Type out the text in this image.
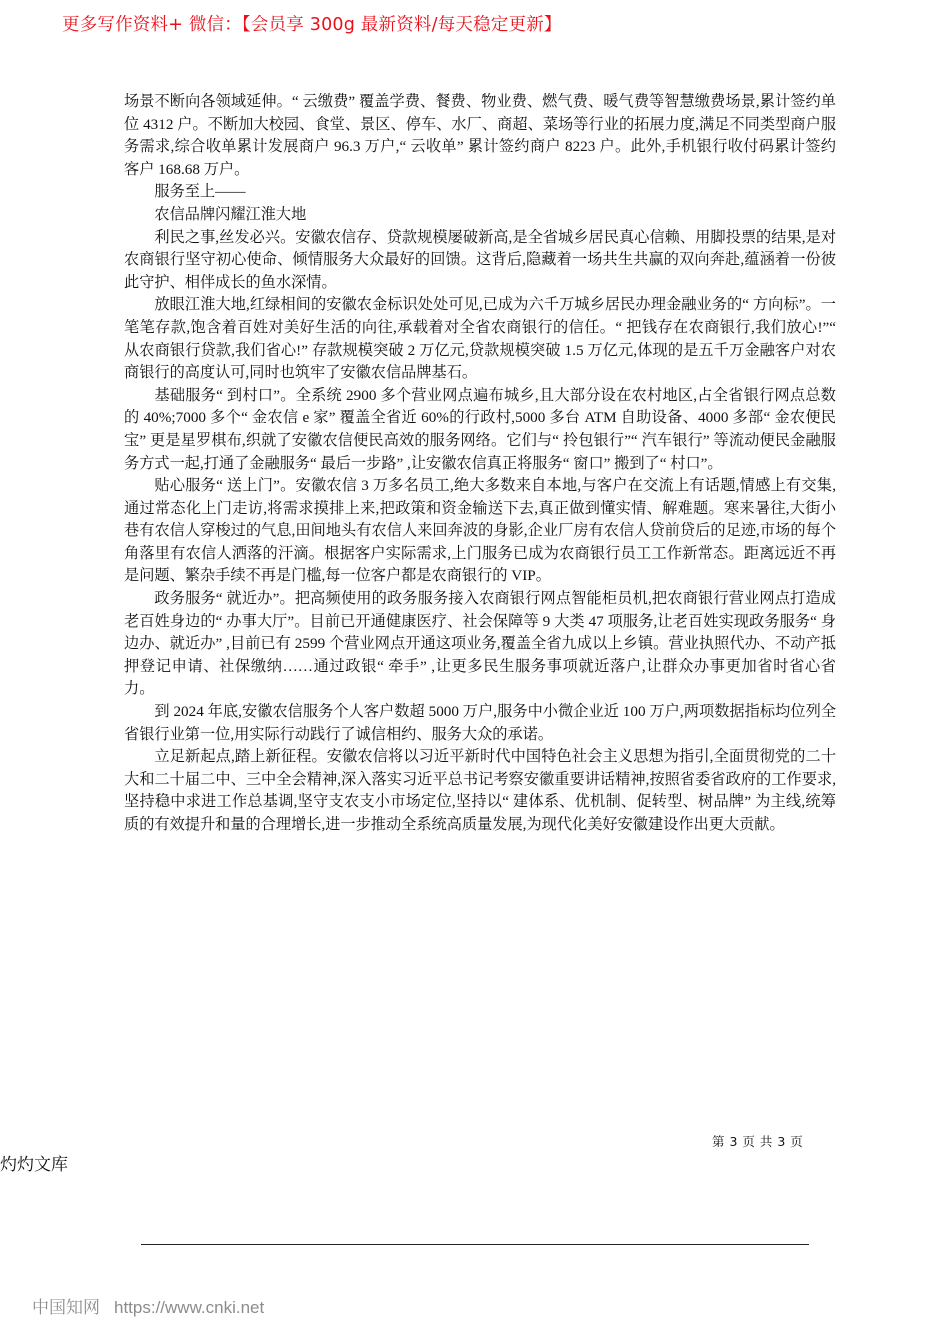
更多写作资料+ 微信：【会员享 300g 最新资料/每天稳定更新】

场景不断向各领域延伸。“ 云缴费” 覆盖学费、餐费、物业费、燃气费、暖气费等智慧缴费场景,累计签约单位 4312 户。不断加大校园、食堂、景区、停车、水厂、商超、菜场等行业的拓展力度,满足不同类型商户服务需求,综合收单累计发展商户 96.3 万户,“ 云收单” 累计签约商户 8223 户。此外,手机银行收付码累计签约客户 168.68 万户。

服务至上——

农信品牌闪耀江淮大地

利民之事,丝发必兴。安徽农信存、贷款规模屡破新高,是全省城乡居民真心信赖、用脚投票的结果,是对农商银行坚守初心使命、倾情服务大众最好的回馈。这背后,隐藏着一场共生共赢的双向奔赴,蕴涵着一份彼此守护、相伴成长的鱼水深情。

放眼江淮大地,红绿相间的安徽农金标识处处可见,已成为六千万城乡居民办理金融业务的“ 方向标”。一笔笔存款,饱含着百姓对美好生活的向往,承载着对全省农商银行的信任。“ 把钱存在农商银行,我们放心!”“ 从农商银行贷款,我们省心!” 存款规模突破 2 万亿元,贷款规模突破 1.5 万亿元,体现的是五千万金融客户对农商银行的高度认可,同时也筑牢了安徽农信品牌基石。

基础服务“ 到村口”。全系统 2900 多个营业网点遍布城乡,且大部分设在农村地区,占全省银行网点总数的 40%;7000 多个“ 金农信 e 家” 覆盖全省近 60%的行政村,5000 多台 ATM 自助设备、4000 多部“ 金农便民宝” 更是星罗棋布,织就了安徽农信便民高效的服务网络。它们与“ 拎包银行”“ 汽车银行” 等流动便民金融服务方式一起,打通了金融服务“ 最后一步路” ,让安徽农信真正将服务“ 窗口” 搬到了“ 村口”。

贴心服务“ 送上门”。安徽农信 3 万多名员工,绝大多数来自本地,与客户在交流上有话题,情感上有交集,通过常态化上门走访,将需求摸排上来,把政策和资金输送下去,真正做到懂实情、解难题。寒来暑往,大街小巷有农信人穿梭过的气息,田间地头有农信人来回奔波的身影,企业厂房有农信人贷前贷后的足迹,市场的每个角落里有农信人洒落的汗滴。根据客户实际需求,上门服务已成为农商银行员工工作新常态。距离远近不再是问题、繁杂手续不再是门槛,每一位客户都是农商银行的 VIP。

政务服务“ 就近办”。把高频使用的政务服务接入农商银行网点智能柜员机,把农商银行营业网点打造成老百姓身边的“ 办事大厅”。目前已开通健康医疗、社会保障等 9 大类 47 项服务,让老百姓实现政务服务“ 身边办、就近办” ,目前已有 2599 个营业网点开通这项业务,覆盖全省九成以上乡镇。营业执照代办、不动产抵押登记申请、社保缴纳……通过政银“ 牵手” ,让更多民生服务事项就近落户,让群众办事更加省时省心省力。

到 2024 年底,安徽农信服务个人客户数超 5000 万户,服务中小微企业近 100 万户,两项数据指标均位列全省银行业第一位,用实际行动践行了诚信相约、服务大众的承诺。

立足新起点,踏上新征程。安徽农信将以习近平新时代中国特色社会主义思想为指引,全面贯彻党的二十大和二十届二中、三中全会精神,深入落实习近平总书记考察安徽重要讲话精神,按照省委省政府的工作要求,坚持稳中求进工作总基调,坚守支农支小市场定位,坚持以“ 建体系、优机制、促转型、树品牌” 为主线,统筹质的有效提升和量的合理增长,进一步推动全系统高质量发展,为现代化美好安徽建设作出更大贡献。

第 3 页 共 3 页
灼灼文库
中国知网 https://www.cnki.net
